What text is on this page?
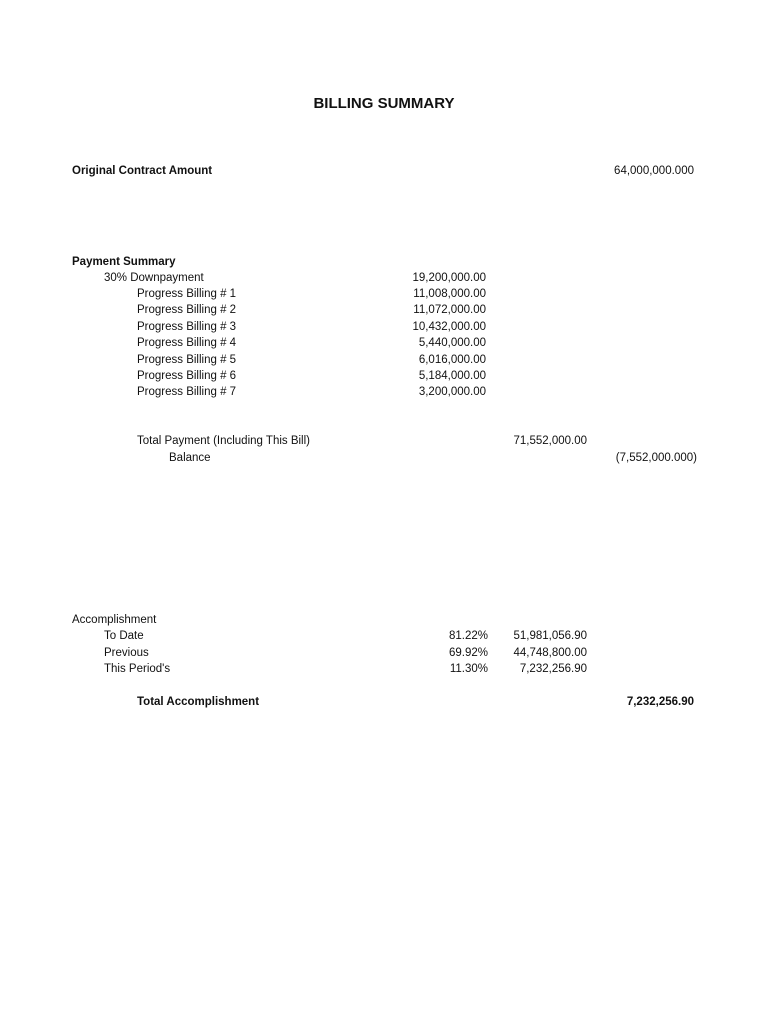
BILLING SUMMARY
Original Contract Amount	64,000,000.000
Payment Summary
30% Downpayment	19,200,000.00
Progress Billing # 1	11,008,000.00
Progress Billing # 2	11,072,000.00
Progress Billing # 3	10,432,000.00
Progress Billing # 4	5,440,000.00
Progress Billing # 5	6,016,000.00
Progress Billing # 6	5,184,000.00
Progress Billing # 7	3,200,000.00
Total Payment (Including This Bill)	71,552,000.00
Balance	(7,552,000.000)
Accomplishment
To Date	81.22%	51,981,056.90
Previous	69.92%	44,748,800.00
This Period's	11.30%	7,232,256.90
Total Accomplishment	7,232,256.90
